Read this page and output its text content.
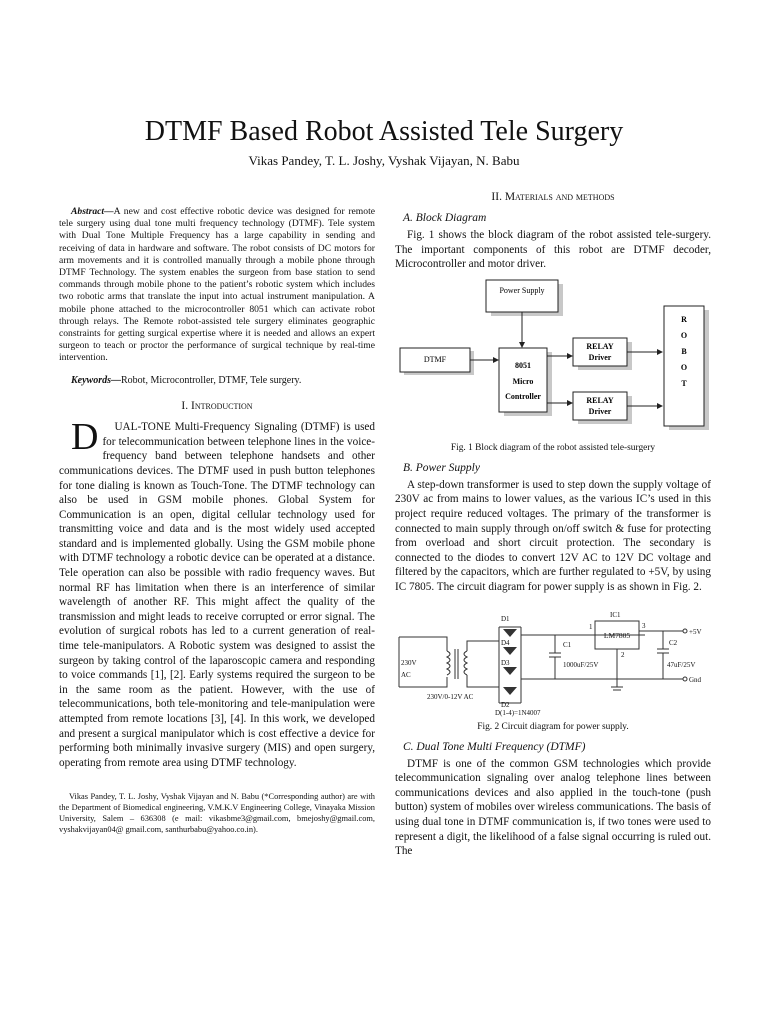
DTMF Based Robot Assisted Tele Surgery
Vikas Pandey, T. L. Joshy, Vyshak Vijayan, N. Babu
Abstract—A new and cost effective robotic device was designed for remote tele surgery using dual tone multi frequency technology (DTMF). Tele system with Dual Tone Multiple Frequency has a large capability in sending and receiving of data in hardware and software. The robot consists of DC motors for arm movements and it is controlled manually through a mobile phone through DTMF Technology. The system enables the surgeon from base station to send commands through mobile phone to the patient’s robotic system which includes two robotic arms that translate the input into actual instrument manipulation. A mobile phone attached to the microcontroller 8051 which can activate robot through relays. The Remote robot-assisted tele surgery eliminates geographic constraints for getting surgical expertise where it is needed and allows an expert surgeon to teach or proctor the performance of surgical technique by real-time intervention.
Keywords—Robot, Microcontroller, DTMF, Tele surgery.
I. Introduction

D UAL-TONE Multi-Frequency Signaling (DTMF) is used for telecommunication between telephone lines in the voice-frequency band between telephone handsets and other communications devices. The DTMF used in push button telephones for tone dialing is known as Touch-Tone. The DTMF technology can also be used in GSM mobile phones. Global System for Communication is an open, digital cellular technology used for transmitting voice and data and is the most widely used accepted standard and is implemented globally. Using the GSM mobile phone with DTMF technology a robotic device can be operated at a distance. Tele operation can also be possible with radio frequency waves. But normal RF has limitation when there is an interference of similar wavelength of another RF. This might affect the quality of the transmission and might leads to receive corrupted or error signal. The evolution of surgical robots has led to a current generation of real-time tele-manipulators. A Robotic system was designed to assist the surgeon by taking control of the laparoscopic camera and responding to voice commands [1], [2]. Early systems required the surgeon to be in the same room as the patient. However, with the use of telecommunications, both tele-monitoring and tele-manipulation were attempted from remote locations [3], [4]. In this work, we developed and present a surgical manipulator which is cost effective a device for performing both minimally invasive surgery (MIS) and open surgery, operating from remote area using DTMF technology.

Vikas Pandey, T. L. Joshy, Vyshak Vijayan and N. Babu (*Corresponding author) are with the Department of Biomedical engineering, V.M.K.V Engineering College, Vinayaka Mission University, Salem – 636308 (e mail: vikasbme3@gmail.com, bmejoshy@gmail.com, vyshakvijayan04@ gmail.com, santhurbabu@yahoo.co.in).
II. Materials and methods
A. Block Diagram

Fig. 1 shows the block diagram of the robot assisted tele-surgery. The important components of this robot are DTMF decoder, Microcontroller and motor driver.

Power Supply
DTMF
8051
Micro
Controller
RELAY
Driver
RELAY
Driver
R
O
B
O
T
Fig. 1 Block diagram of the robot assisted tele-surgery
B. Power Supply

A step-down transformer is used to step down the supply voltage of 230V ac from mains to lower values, as the various IC’s used in this project require reduced voltages. The primary of the transformer is connected to main supply through on/off switch & fuse for protecting from overload and short circuit protection. The secondary is connected to the diodes to convert 12V AC to 12V DC voltage and filtered by the capacitors, which are further regulated to +5V, by using IC 7805. The circuit diagram for power supply is as shown in Fig. 2.

IC1
LM7805
1
2
3
+5V
Gnd
D1
D4
D3
D2
C1
1000uF/25V
C2
47uF/25V
230V
AC
230V/0-12V AC
D(1-4)=1N4007
Fig. 2 Circuit diagram for power supply.
C. Dual Tone Multi Frequency (DTMF)

DTMF is one of the common GSM technologies which provide telecommunication signaling over analog telephone lines between communications devices and also applied in the touch-tone (push button) system of mobiles over wireless communications. The basis of using dual tone in DTMF communication is, if two tones were used to represent a digit, the likelihood of a false signal occurring is ruled out. The
